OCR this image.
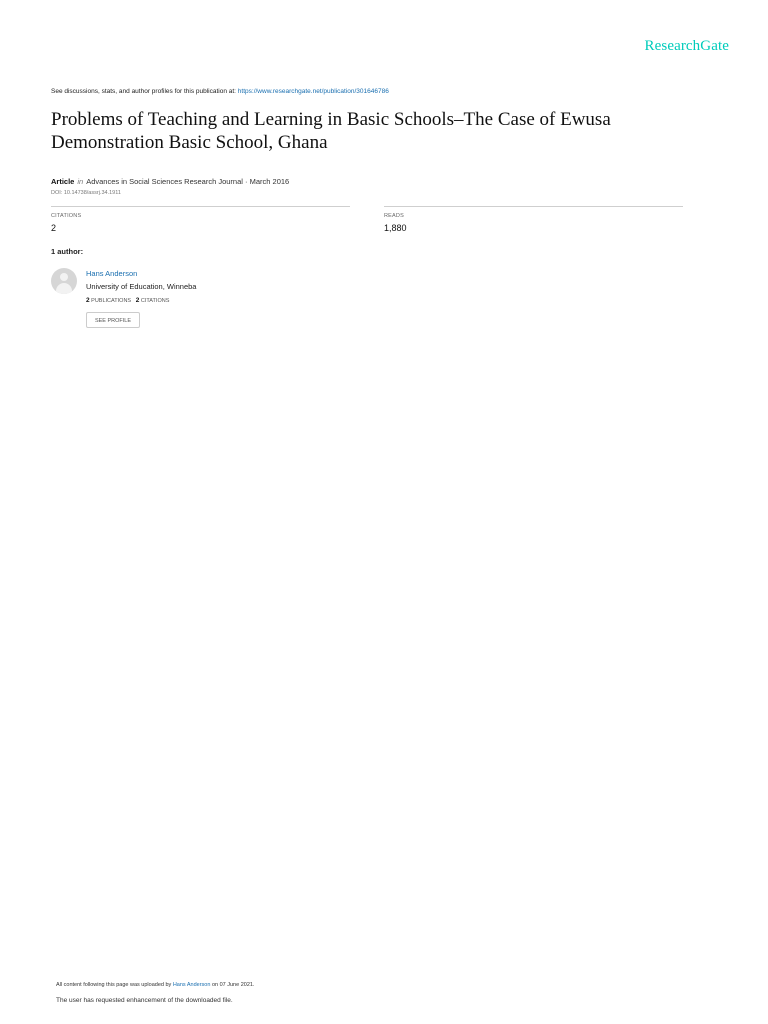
ResearchGate
See discussions, stats, and author profiles for this publication at: https://www.researchgate.net/publication/301646786
Problems of Teaching and Learning in Basic Schools–The Case of Ewusa Demonstration Basic School, Ghana
Article in Advances in Social Sciences Research Journal · March 2016
DOI: 10.14738/assrj.34.1911
CITATIONS
2
READS
1,880
1 author:
Hans Anderson
University of Education, Winneba
2 PUBLICATIONS 2 CITATIONS
SEE PROFILE
All content following this page was uploaded by Hans Anderson on 07 June 2021.
The user has requested enhancement of the downloaded file.
